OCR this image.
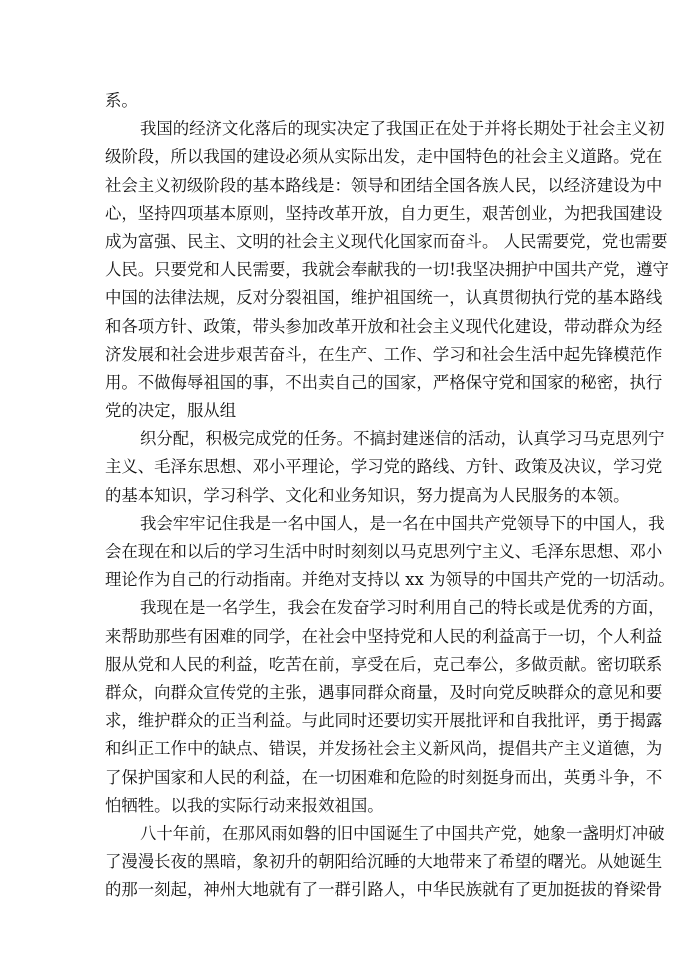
系。
我国的经济文化落后的现实决定了我国正在处于并将长期处于社会主义初
级阶段，所以我国的建设必须从实际出发，走中国特色的社会主义道路。党在
社会主义初级阶段的基本路线是：领导和团结全国各族人民，以经济建设为中
心，坚持四项基本原则，坚持改革开放，自力更生，艰苦创业，为把我国建设
成为富强、民主、文明的社会主义现代化国家而奋斗。 人民需要党，党也需要
人民。只要党和人民需要，我就会奉献我的一切!我坚决拥护中国共产党，遵守
中国的法律法规，反对分裂祖国，维护祖国统一，认真贯彻执行党的基本路线
和各项方针、政策，带头参加改革开放和社会主义现代化建设，带动群众为经
济发展和社会进步艰苦奋斗，在生产、工作、学习和社会生活中起先锋模范作
用。不做侮辱祖国的事，不出卖自己的国家，严格保守党和国家的秘密，执行
党的决定，服从组
织分配，积极完成党的任务。不搞封建迷信的活动，认真学习马克思列宁
主义、毛泽东思想、邓小平理论，学习党的路线、方针、政策及决议，学习党
的基本知识，学习科学、文化和业务知识，努力提高为人民服务的本领。
我会牢牢记住我是一名中国人，是一名在中国共产党领导下的中国人，我
会在现在和以后的学习生活中时时刻刻以马克思列宁主义、毛泽东思想、邓小
理论作为自己的行动指南。并绝对支持以 xx 为领导的中国共产党的一切活动。
我现在是一名学生，我会在发奋学习时利用自己的特长或是优秀的方面，
来帮助那些有困难的同学，在社会中坚持党和人民的利益高于一切，个人利益
服从党和人民的利益，吃苦在前，享受在后，克己奉公，多做贡献。密切联系
群众，向群众宣传党的主张，遇事同群众商量，及时向党反映群众的意见和要
求，维护群众的正当利益。与此同时还要切实开展批评和自我批评，勇于揭露
和纠正工作中的缺点、错误，并发扬社会主义新风尚，提倡共产主义道德，为
了保护国家和人民的利益，在一切困难和危险的时刻挺身而出，英勇斗争，不
怕牺牲。以我的实际行动来报效祖国。
八十年前，在那风雨如磐的旧中国诞生了中国共产党，她象一盏明灯冲破
了漫漫长夜的黑暗，象初升的朝阳给沉睡的大地带来了希望的曙光。从她诞生
的那一刻起，神州大地就有了一群引路人，中华民族就有了更加挺拔的脊梁骨
